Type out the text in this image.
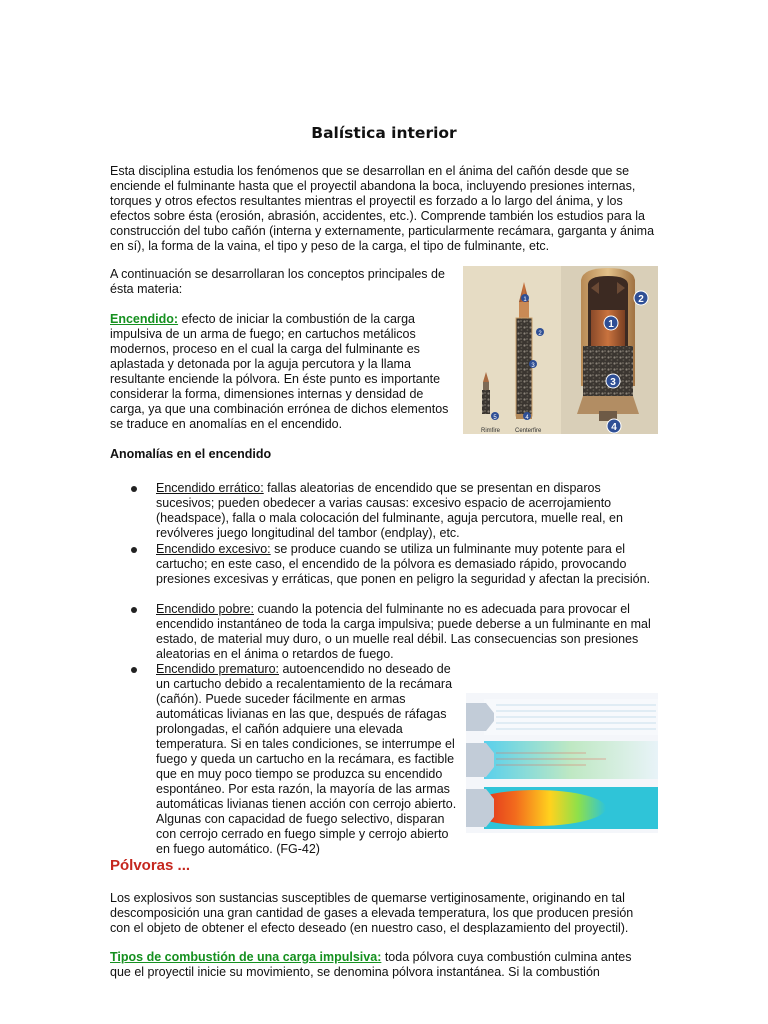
Balística interior

Esta disciplina estudia los fenómenos que se desarrollan en el ánima del cañón desde que se enciende el fulminante hasta que el proyectil abandona la boca, incluyendo presiones internas, torques y otros efectos resultantes mientras el proyectil es forzado a lo largo del ánima, y los efectos sobre ésta (erosión, abrasión, accidentes, etc.). Comprende también los estudios para la construcción del tubo cañón (interna y externamente, particularmente recámara, garganta y ánima en sí), la forma de la vaina, el tipo y peso de la carga, el tipo de fulminante, etc.

A continuación se desarrollaran los conceptos principales de ésta materia:

Encendido: efecto de iniciar la combustión de la carga impulsiva de un arma de fuego; en cartuchos metálicos modernos, proceso en el cual la carga del fulminante es aplastada y detonada por la aguja percutora y la llama resultante enciende la pólvora. En éste punto es importante considerar la forma, dimensiones internas y densidad de carga, ya que una combinación errónea de dichos elementos se traduce en anomalías en el encendido.

1
2
3
4
1
2
3
4
5
Rimfire	Centerfire
Anomalías en el encendido

Encendido errático: fallas aleatorias de encendido que se presentan en disparos sucesivos; pueden obedecer a varias causas: excesivo espacio de acerrojamiento (headspace), falla o mala colocación del fulminante, aguja percutora, muelle real, en revólveres juego longitudinal del tambor (endplay), etc.

Encendido excesivo: se produce cuando se utiliza un fulminante muy potente para el cartucho; en este caso, el encendido de la pólvora es demasiado rápido, provocando presiones excesivas y erráticas, que ponen en peligro la seguridad y afectan la precisión.

Encendido pobre: cuando la potencia del fulminante no es adecuada para provocar el encendido instantáneo de toda la carga impulsiva; puede deberse a un fulminante en mal estado, de material muy duro, o un muelle real débil. Las consecuencias son presiones aleatorias en el ánima o retardos de fuego.

Encendido prematuro: autoencendido no deseado de un cartucho debido a recalentamiento de la recámara (cañón). Puede suceder fácilmente en armas automáticas livianas en las que, después de ráfagas prolongadas, el cañón adquiere una elevada temperatura. Si en tales condiciones, se interrumpe el fuego y queda un cartucho en la recámara, es factible que en muy poco tiempo se produzca su encendido espontáneo. Por esta razón, la mayoría de las armas automáticas livianas tienen acción con cerrojo abierto. Algunas con capacidad de fuego selectivo, disparan con cerrojo cerrado en fuego simple y cerrojo abierto en fuego automático. (FG-42)

Pólvoras ...

Los explosivos son sustancias susceptibles de quemarse vertiginosamente, originando en tal descomposición una gran cantidad de gases a elevada temperatura, los que producen presión con el objeto de obtener el efecto deseado (en nuestro caso, el desplazamiento del proyectil).

Tipos de combustión de una carga impulsiva: toda pólvora cuya combustión culmina antes que el proyectil inicie su movimiento, se denomina pólvora instantánea. Si la combustión
